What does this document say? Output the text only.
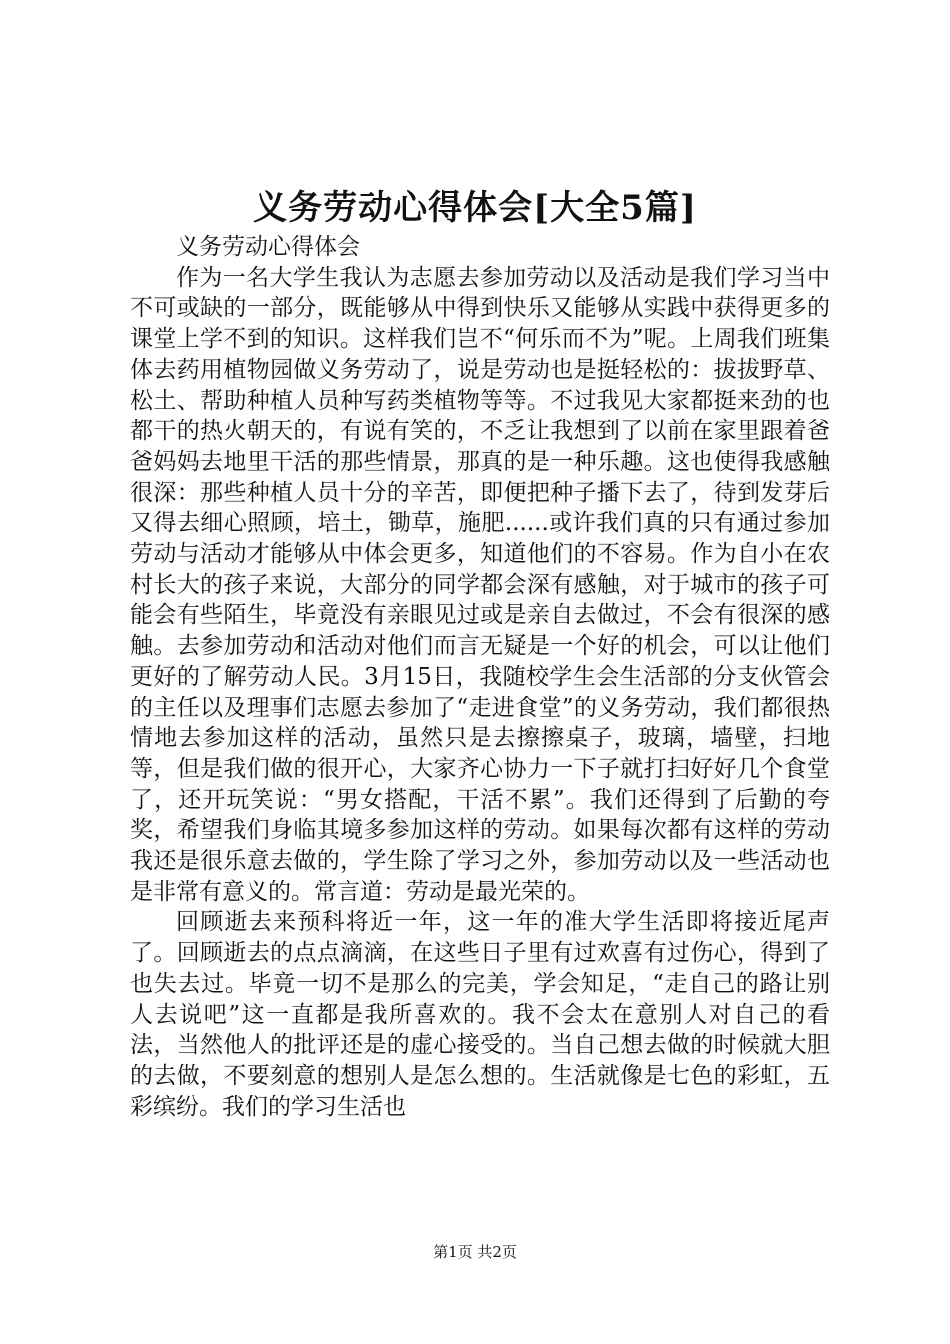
义务劳动心得体会[大全5篇]

义务劳动心得体会

作为一名大学生我认为志愿去参加劳动以及活动是我们学习当中不可或缺的一部分，既能够从中得到快乐又能够从实践中获得更多的课堂上学不到的知识。这样我们岂不“何乐而不为”呢。上周我们班集体去药用植物园做义务劳动了，说是劳动也是挺轻松的：拔拔野草、松土、帮助种植人员种写药类植物等等。不过我见大家都挺来劲的也都干的热火朝天的，有说有笑的，不乏让我想到了以前在家里跟着爸爸妈妈去地里干活的那些情景，那真的是一种乐趣。这也使得我感触很深：那些种植人员十分的辛苦，即便把种子播下去了，待到发芽后又得去细心照顾，培土，锄草，施肥......或许我们真的只有通过参加劳动与活动才能够从中体会更多，知道他们的不容易。作为自小在农村长大的孩子来说，大部分的同学都会深有感触，对于城市的孩子可能会有些陌生，毕竟没有亲眼见过或是亲自去做过，不会有很深的感触。去参加劳动和活动对他们而言无疑是一个好的机会，可以让他们更好的了解劳动人民。3月15日，我随校学生会生活部的分支伙管会的主任以及理事们志愿去参加了“走进食堂”的义务劳动，我们都很热情地去参加这样的活动，虽然只是去擦擦桌子，玻璃，墙壁，扫地等，但是我们做的很开心，大家齐心协力一下子就打扫好好几个食堂了，还开玩笑说：“男女搭配，干活不累”。我们还得到了后勤的夸奖，希望我们身临其境多参加这样的劳动。如果每次都有这样的劳动我还是很乐意去做的，学生除了学习之外，参加劳动以及一些活动也是非常有意义的。常言道：劳动是最光荣的。

回顾逝去来预科将近一年，这一年的准大学生活即将接近尾声了。回顾逝去的点点滴滴，在这些日子里有过欢喜有过伤心，得到了也失去过。毕竟一切不是那么的完美，学会知足，“走自己的路让别人去说吧”这一直都是我所喜欢的。我不会太在意别人对自己的看法，当然他人的批评还是的虚心接受的。当自己想去做的时候就大胆的去做，不要刻意的想别人是怎么想的。生活就像是七色的彩虹，五彩缤纷。我们的学习生活也

第1页 共2页
